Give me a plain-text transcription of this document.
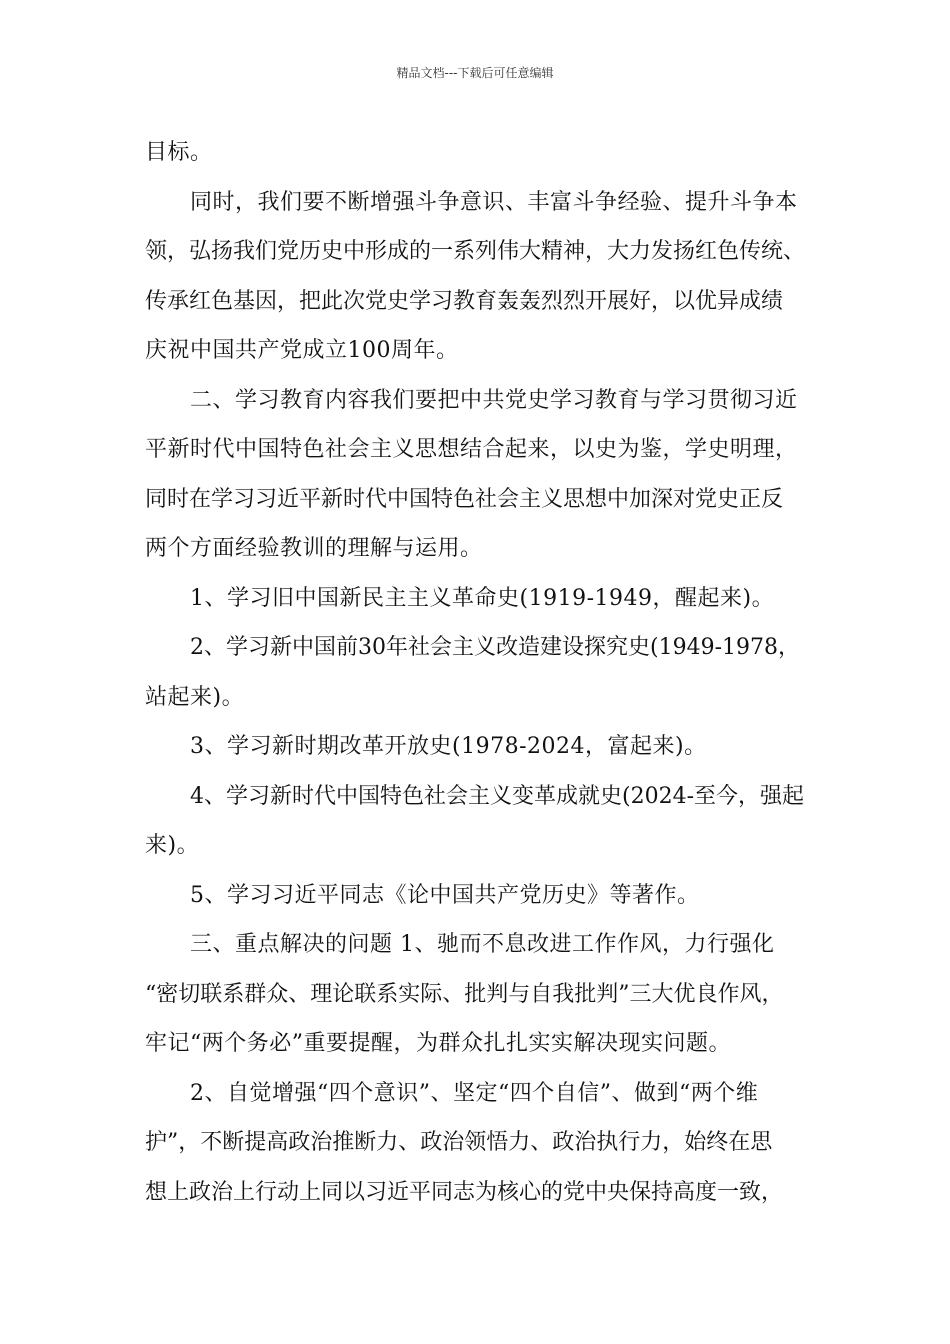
精品文档---下载后可任意编辑
目标。
同时，我们要不断增强斗争意识、丰富斗争经验、提升斗争本
领，弘扬我们党历史中形成的一系列伟大精神，大力发扬红色传统、
传承红色基因，把此次党史学习教育轰轰烈烈开展好，以优异成绩
庆祝中国共产党成立100周年。
二、学习教育内容我们要把中共党史学习教育与学习贯彻习近
平新时代中国特色社会主义思想结合起来，以史为鉴，学史明理，
同时在学习习近平新时代中国特色社会主义思想中加深对党史正反
两个方面经验教训的理解与运用。
1、学习旧中国新民主主义革命史(1919-1949，醒起来)。
2、学习新中国前30年社会主义改造建设探究史(1949-1978，
站起来)。
3、学习新时期改革开放史(1978-2024，富起来)。
4、学习新时代中国特色社会主义变革成就史(2024-至今，强起
来)。
5、学习习近平同志《论中国共产党历史》等著作。
三、重点解决的问题 1、驰而不息改进工作作风，力行强化
“密切联系群众、理论联系实际、批判与自我批判”三大优良作风，
牢记“两个务必”重要提醒，为群众扎扎实实解决现实问题。
2、自觉增强“四个意识”、坚定“四个自信”、做到“两个维
护”，不断提高政治推断力、政治领悟力、政治执行力，始终在思
想上政治上行动上同以习近平同志为核心的党中央保持高度一致，
